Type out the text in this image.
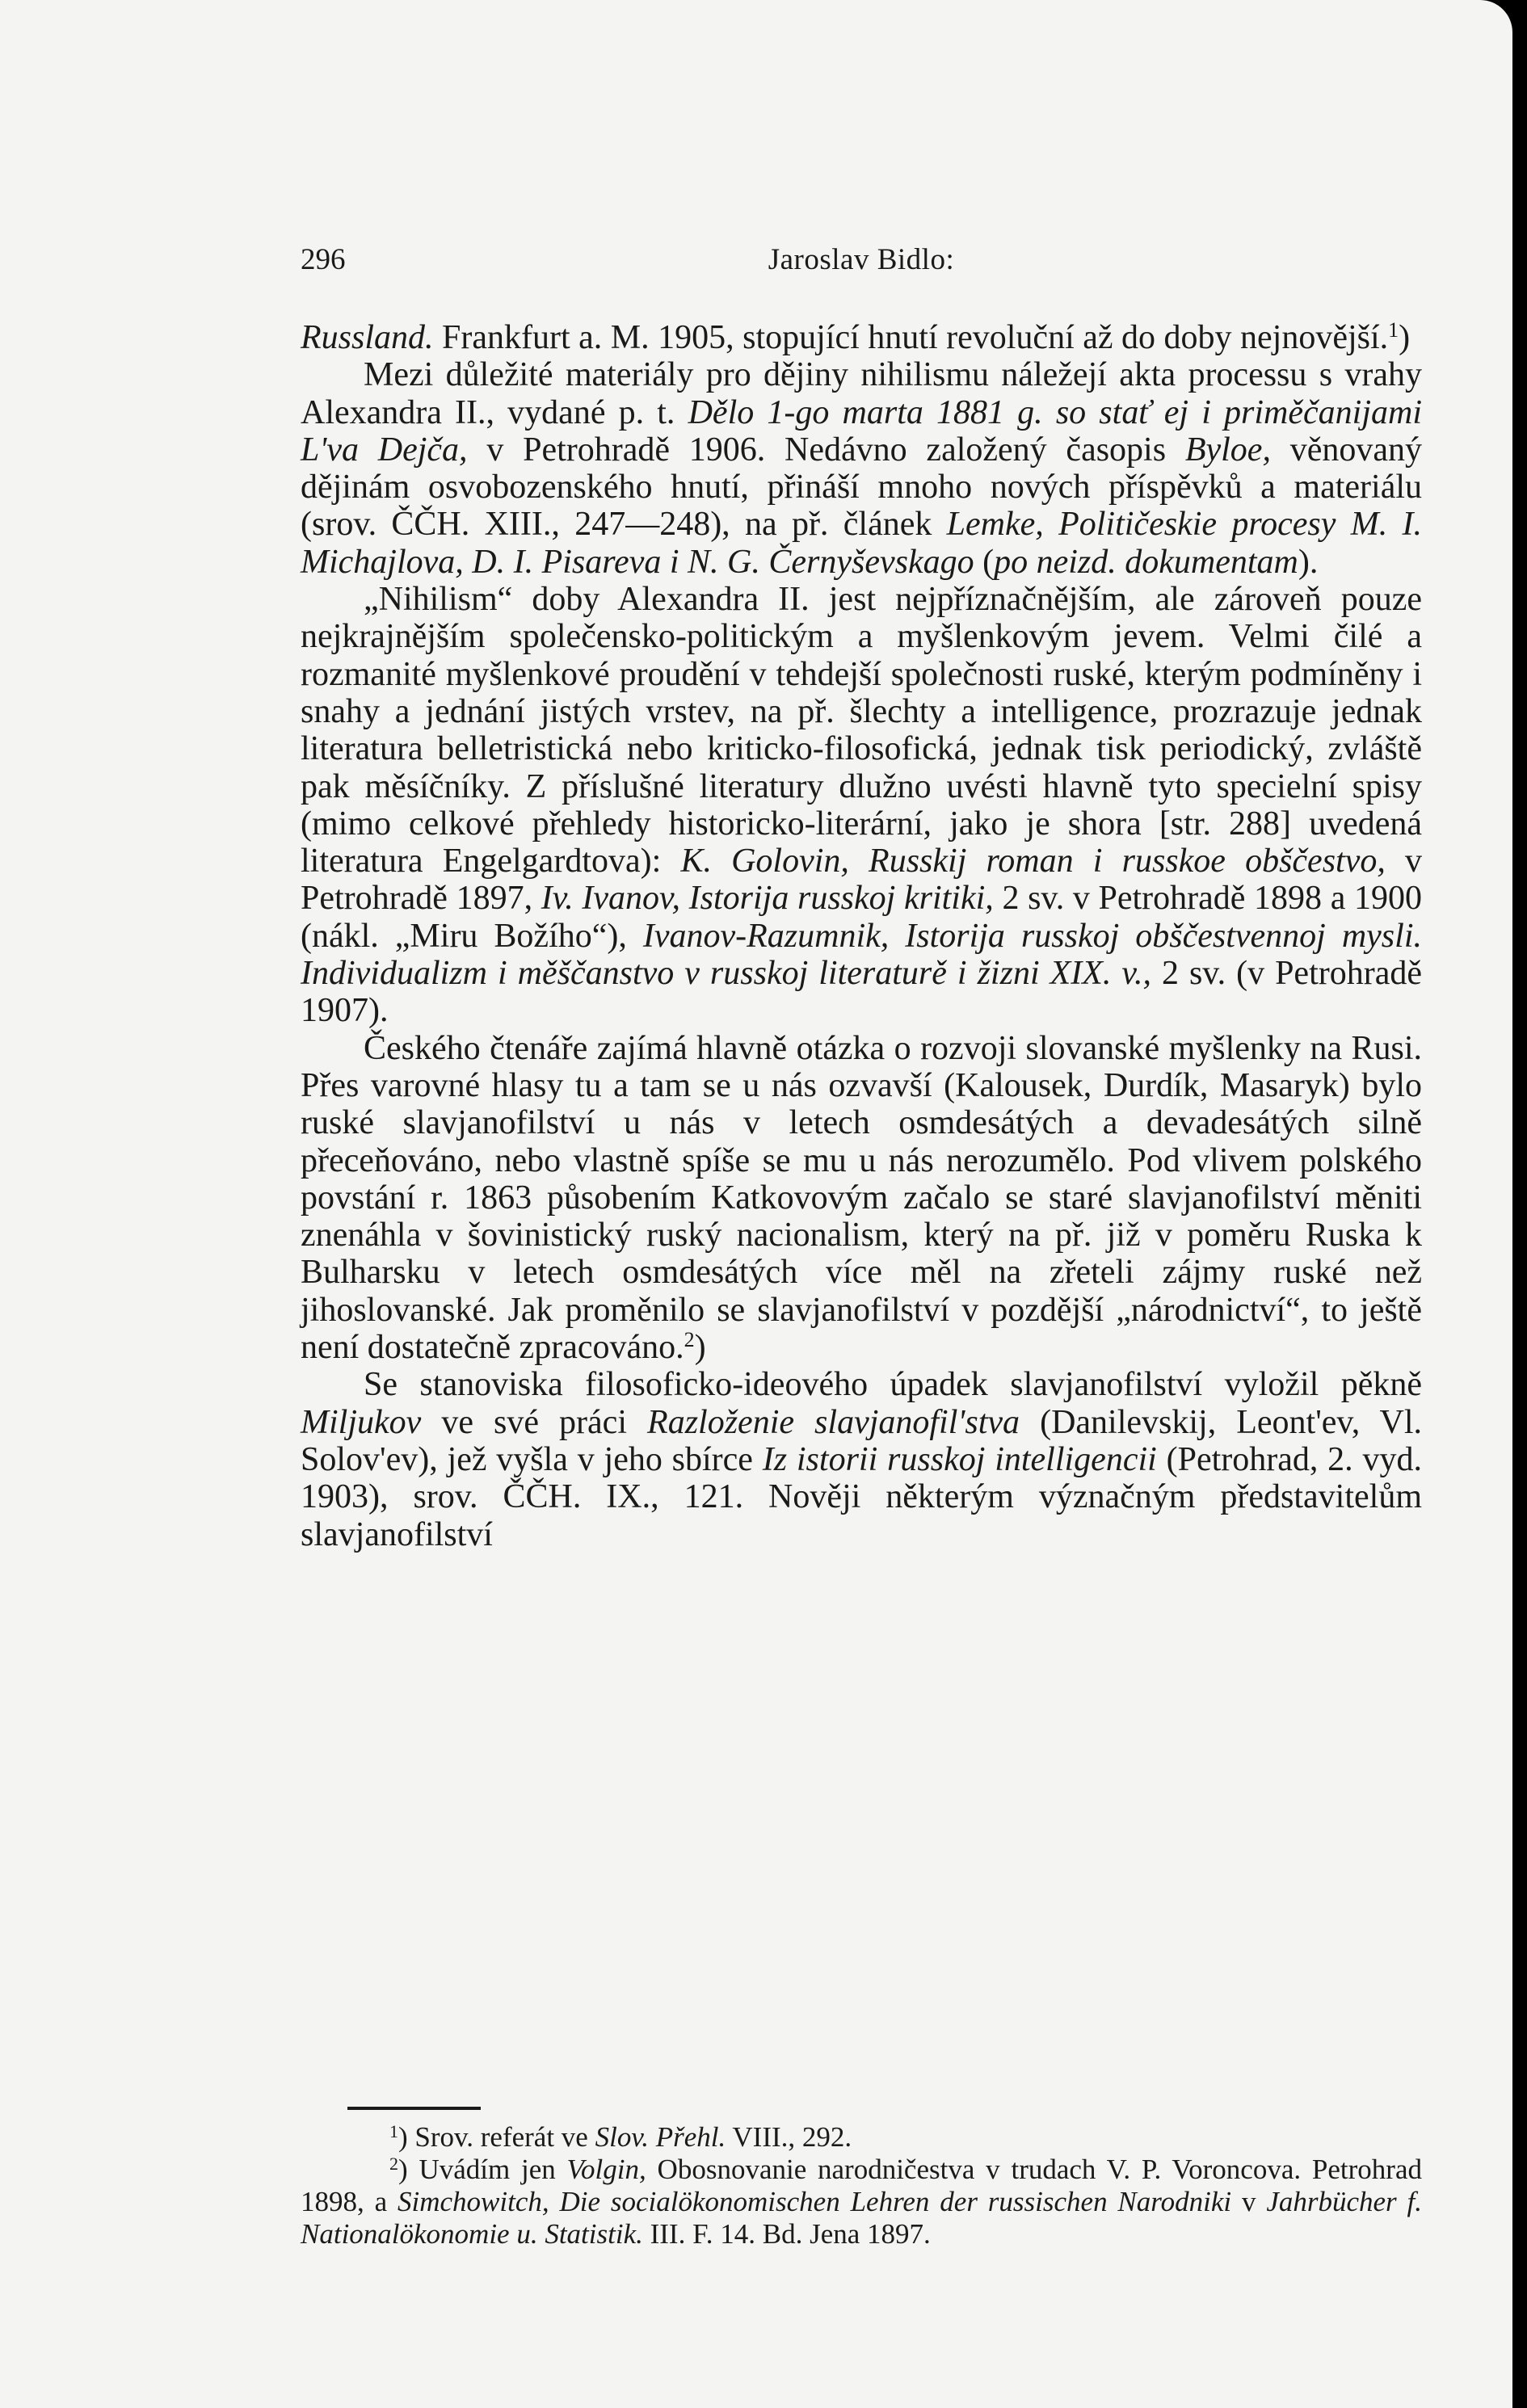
296	Jaroslav Bidlo:

Russland. Frankfurt a. M. 1905, stopující hnutí revoluční až do doby nejnovější.$^1$)

Mezi důležité materiály pro dějiny nihilismu náležejí akta processu s vrahy Alexandra II., vydané p. t. Dělo 1-go marta 1881 g. so stať ej i priměčanijami L'va Dejča, v Petrohradě 1906. Nedávno založený časopis Byloe, věnovaný dějinám osvobozenského hnutí, přináší mnoho nových příspěvků a materiálu (srov. ČČH. XIII., 247—248), na př. článek Lemke, Političeskie procesy M. I. Michajlova, D. I. Pisareva i N. G. Černyševskago (po neizd. dokumentam).

„Nihilism“ doby Alexandra II. jest nejpříznačnějším, ale zároveň pouze nejkrajnějším společensko-politickým a myšlenkovým jevem. Velmi čilé a rozmanité myšlenkové proudění v tehdejší společnosti ruské, kterým podmíněny i snahy a jednání jistých vrstev, na př. šlechty a intelligence, prozrazuje jednak literatura belletristická nebo kriticko-filosofická, jednak tisk periodický, zvláště pak měsíčníky. Z příslušné literatury dlužno uvésti hlavně tyto specielní spisy (mimo celkové přehledy historicko-literární, jako je shora [str. 288] uvedená literatura Engelgardtova): K. Golovin, Russkij roman i russkoe obščestvo, v Petrohradě 1897, Iv. Ivanov, Istorija russkoj kritiki, 2 sv. v Petrohradě 1898 a 1900 (nákl. „Miru Božího“), Ivanov-Razumnik, Istorija russkoj obščestvennoj mysli. Individualizm i měščanstvo v russkoj literaturě i žizni XIX. v., 2 sv. (v Petrohradě 1907).

Českého čtenáře zajímá hlavně otázka o rozvoji slovanské myšlenky na Rusi. Přes varovné hlasy tu a tam se u nás ozvavší (Kalousek, Durdík, Masaryk) bylo ruské slavjanofilství u nás v letech osmdesátých a devadesátých silně přeceňováno, nebo vlastně spíše se mu u nás nerozumělo. Pod vlivem polského povstání r. 1863 působením Katkovovým začalo se staré slavjanofilství měniti znenáhla v šovinistický ruský nacionalism, který na př. již v poměru Ruska k Bulharsku v letech osmdesátých více měl na zřeteli zájmy ruské než jihoslovanské. Jak proměnilo se slavjanofilství v pozdější „národnictví“, to ještě není dostatečně zpracováno.$^2$)

Se stanoviska filosoficko-ideového úpadek slavjanofilství vyložil pěkně Miljukov ve své práci Razloženie slavjanofil'stva (Danilevskij, Leont'ev, Vl. Solov'ev), jež vyšla v jeho sbírce Iz istorii russkoj intelligencii (Petrohrad, 2. vyd. 1903), srov. ČČH. IX., 121. Nověji některým význačným představitelům slavjanofilství

$^1$) Srov. referát ve Slov. Přehl. VIII., 292.

$^2$) Uvádím jen Volgin, Obosnovanie narodničestva v trudach V. P. Voroncova. Petrohrad 1898, a Simchowitch, Die socialökonomischen Lehren der russischen Narodniki v Jahrbücher f. Nationalökonomie u. Statistik. III. F. 14. Bd. Jena 1897.
